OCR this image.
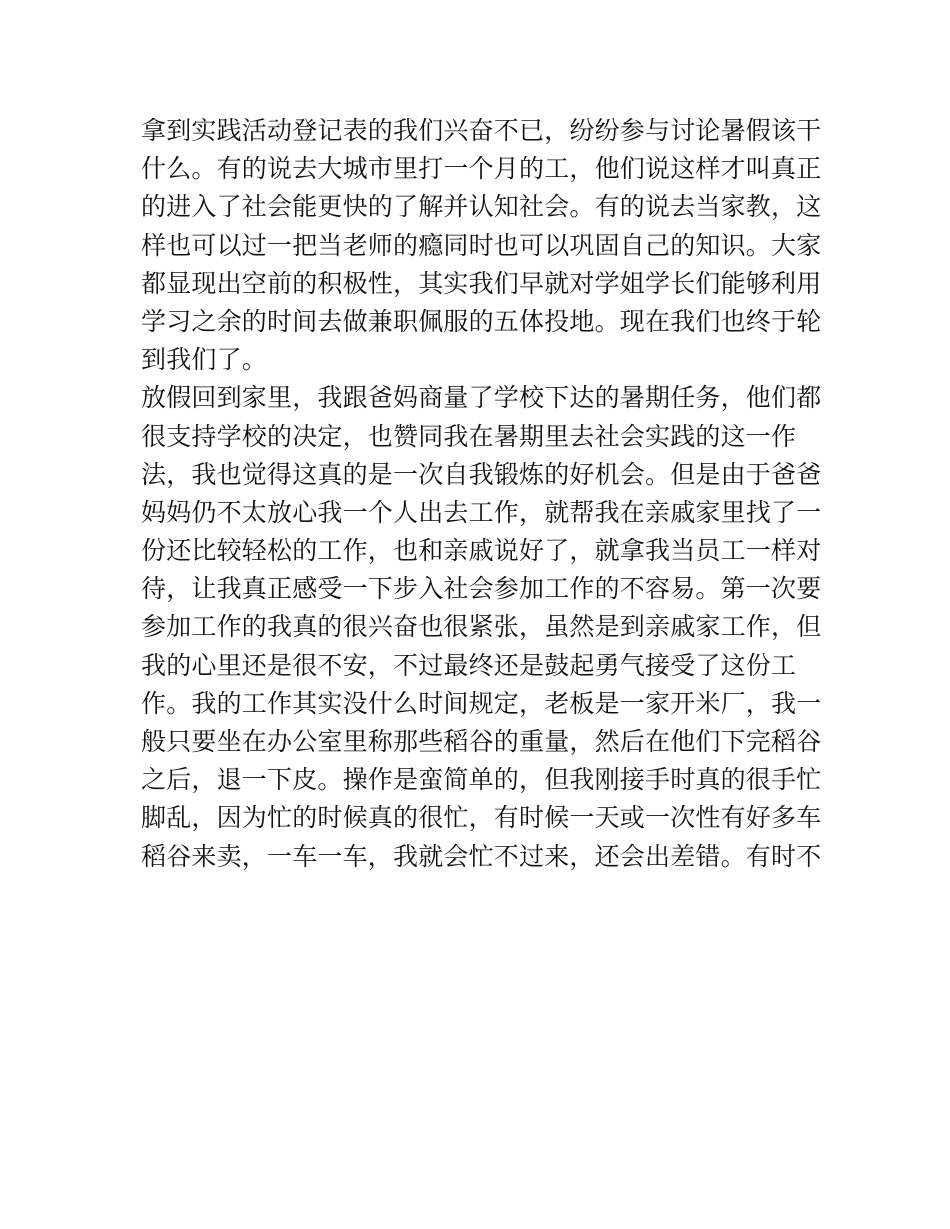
拿到实践活动登记表的我们兴奋不已，纷纷参与讨论暑假该干
什么。有的说去大城市里打一个月的工，他们说这样才叫真正
的进入了社会能更快的了解并认知社会。有的说去当家教，这
样也可以过一把当老师的瘾同时也可以巩固自己的知识。大家
都显现出空前的积极性，其实我们早就对学姐学长们能够利用
学习之余的时间去做兼职佩服的五体投地。现在我们也终于轮
到我们了。
放假回到家里，我跟爸妈商量了学校下达的暑期任务，他们都
很支持学校的决定，也赞同我在暑期里去社会实践的这一作
法，我也觉得这真的是一次自我锻炼的好机会。但是由于爸爸
妈妈仍不太放心我一个人出去工作，就帮我在亲戚家里找了一
份还比较轻松的工作，也和亲戚说好了，就拿我当员工一样对
待，让我真正感受一下步入社会参加工作的不容易。第一次要
参加工作的我真的很兴奋也很紧张，虽然是到亲戚家工作，但
我的心里还是很不安，不过最终还是鼓起勇气接受了这份工
作。我的工作其实没什么时间规定，老板是一家开米厂，我一
般只要坐在办公室里称那些稻谷的重量，然后在他们下完稻谷
之后，退一下皮。操作是蛮简单的，但我刚接手时真的很手忙
脚乱，因为忙的时候真的很忙，有时候一天或一次性有好多车
稻谷来卖，一车一车，我就会忙不过来，还会出差错。有时不
